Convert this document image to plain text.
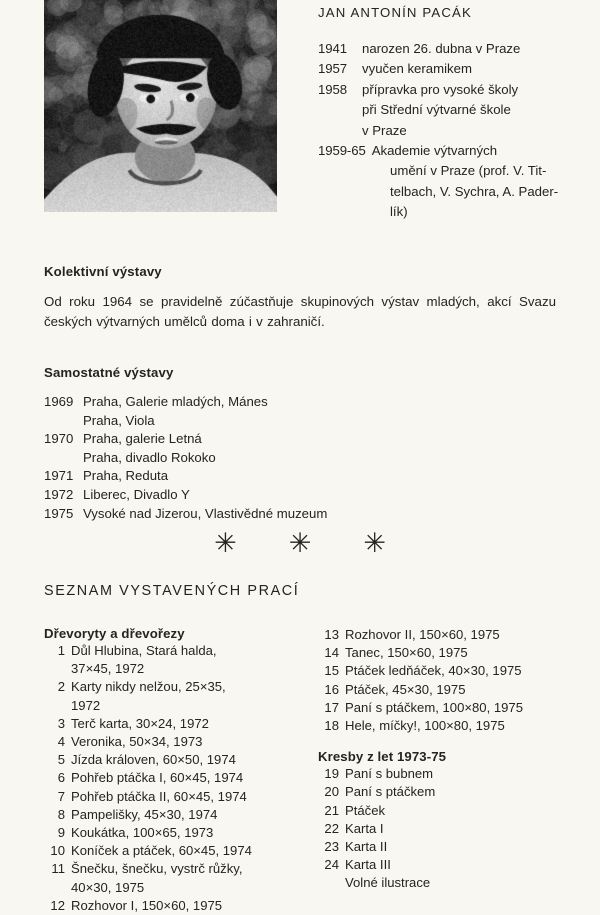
JAN ANTONÍN PACÁK
1941	narozen 26. dubna v Praze
1957	vyučen keramikem
1958	přípravka pro vysoké školy
při Střední výtvarné škole
v Praze
1959-65 Akademie výtvarných
umění v Praze (prof. V. Tit-
telbach, V. Sychra, A. Pader-
lík)
Kolektivní výstavy
Od roku 1964 se pravidelně zúčastňuje skupinových výstav mladých, akcí Svazu českých výtvarných umělců doma i v zahraničí.
Samostatné výstavy
1969 Praha, Galerie mladých, Mánes
Praha, Viola
1970 Praha, galerie Letná
Praha, divadlo Rokoko
1971 Praha, Reduta
1972 Liberec, Divadlo Y
1975 Vysoké nad Jizerou, Vlastivědné muzeum
✳ ✳ ✳
SEZNAM VYSTAVENÝCH PRACÍ
Dřevoryty a dřevořezy
1 Důl Hlubina, Stará halda,
37×45, 1972
2 Karty nikdy nelžou, 25×35,
1972
3 Terč karta, 30×24, 1972
4 Veronika, 50×34, 1973
5 Jízda královen, 60×50, 1974
6 Pohřeb ptáčka I, 60×45, 1974
7 Pohřeb ptáčka II, 60×45, 1974
8 Pampelišky, 45×30, 1974
9 Koukátka, 100×65, 1973
10 Koníček a ptáček, 60×45, 1974
11 Šnečku, šnečku, vystrč růžky,
40×30, 1975
12 Rozhovor I, 150×60, 1975
13 Rozhovor II, 150×60, 1975
14 Tanec, 150×60, 1975
15 Ptáček ledňáček, 40×30, 1975
16 Ptáček, 45×30, 1975
17 Paní s ptáčkem, 100×80, 1975
18 Hele, míčky!, 100×80, 1975
Kresby z let 1973-75
19 Paní s bubnem
20 Paní s ptáčkem
21 Ptáček
22 Karta I
23 Karta II
24 Karta III
Volné ilustrace
